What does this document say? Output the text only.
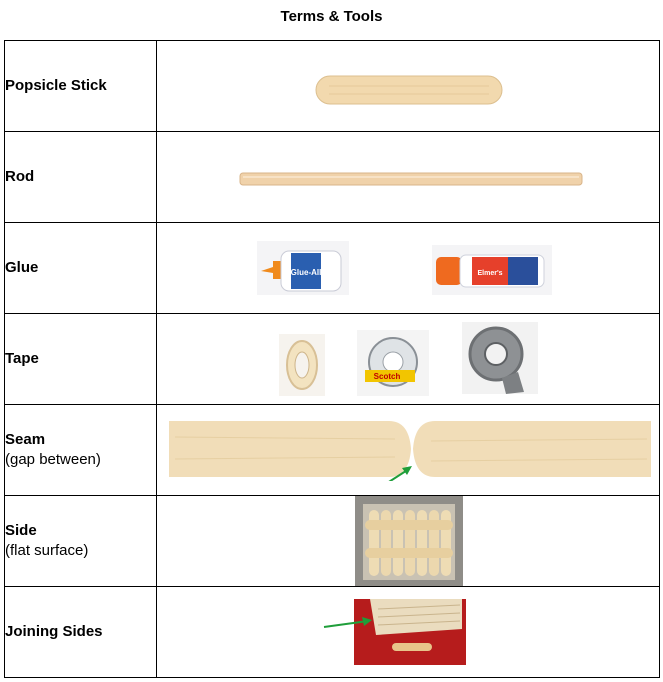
Terms & Tools
Popsicle Stick	

Rod	

Glue	Glue-All Elmer's

Tape	Scotch

Seam
(gap between)	

Side
(flat surface)	

Joining Sides	
